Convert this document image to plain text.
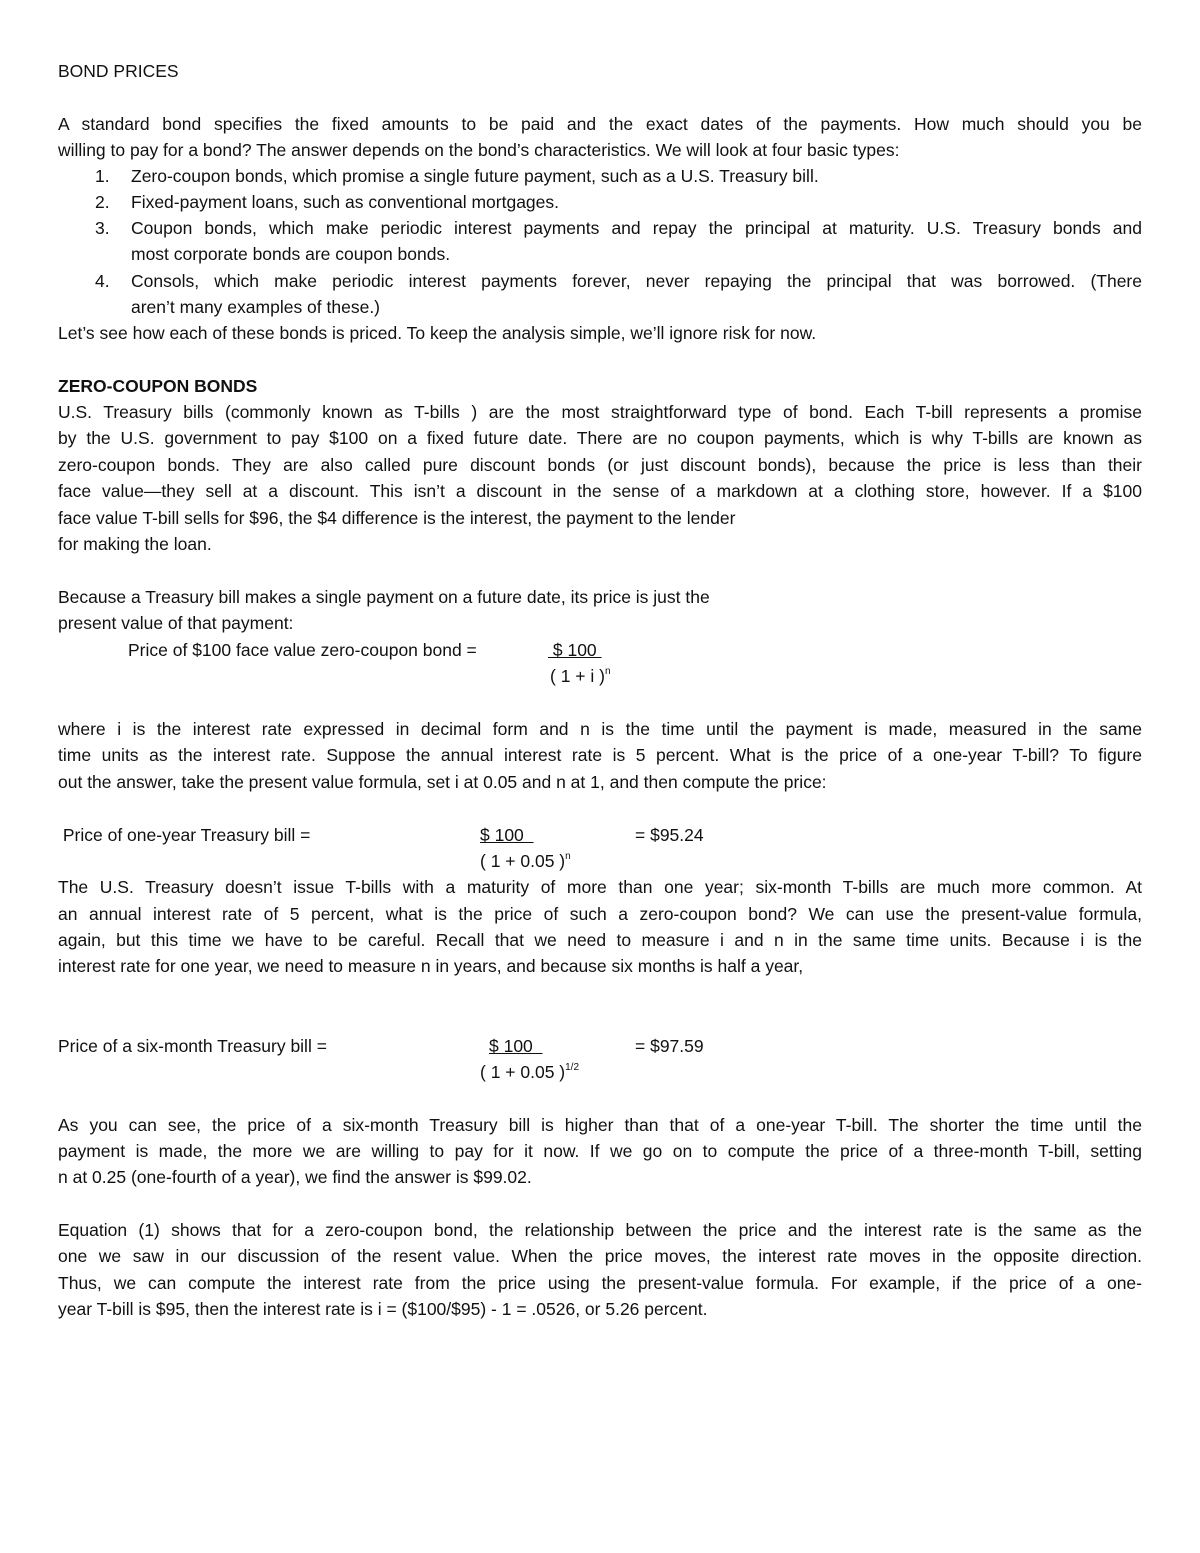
BOND PRICES
A standard bond specifies the fixed amounts to be paid and the exact dates of the payments. How much should you be
willing to pay for a bond? The answer depends on the bond’s characteristics. We will look at four basic types:
1. Zero-coupon bonds, which promise a single future payment, such as a U.S. Treasury bill.
2. Fixed-payment loans, such as conventional mortgages.
3. Coupon bonds, which make periodic interest payments and repay the principal at maturity. U.S. Treasury bonds and
most corporate bonds are coupon bonds.
4. Consols, which make periodic interest payments forever, never repaying the principal that was borrowed. (There
aren’t many examples of these.)
Let’s see how each of these bonds is priced. To keep the analysis simple, we’ll ignore risk for now.
ZERO-COUPON BONDS
U.S. Treasury bills (commonly known as T-bills ) are the most straightforward type of bond. Each T-bill represents a promise
by the U.S. government to pay $100 on a fixed future date. There are no coupon payments, which is why T-bills are known as
zero-coupon bonds. They are also called pure discount bonds (or just discount bonds), because the price is less than their
face value—they sell at a discount. This isn’t a discount in the sense of a markdown at a clothing store, however. If a $100
face value T-bill sells for $96, the $4 difference is the interest, the payment to the lender
for making the loan.
Because a Treasury bill makes a single payment on a future date, its price is just the
present value of that payment:
Price of $100 face value zero-coupon bond =	$ 100
( 1 + i )$^n$
where i is the interest rate expressed in decimal form and n is the time until the payment is made, measured in the same
time units as the interest rate. Suppose the annual interest rate is 5 percent. What is the price of a one-year T-bill? To figure
out the answer, take the present value formula, set i at 0.05 and n at 1, and then compute the price:
Price of one-year Treasury bill =	$ 100	= $95.24
( 1 + 0.05 )$^n$
The U.S. Treasury doesn’t issue T-bills with a maturity of more than one year; six-month T-bills are much more common. At
an annual interest rate of 5 percent, what is the price of such a zero-coupon bond? We can use the present-value formula,
again, but this time we have to be careful. Recall that we need to measure i and n in the same time units. Because i is the
interest rate for one year, we need to measure n in years, and because six months is half a year,
Price of a six-month Treasury bill =	$ 100	= $97.59
( 1 + 0.05 )$^{1/2}$
As you can see, the price of a six-month Treasury bill is higher than that of a one-year T-bill. The shorter the time until the
payment is made, the more we are willing to pay for it now. If we go on to compute the price of a three-month T-bill, setting
n at 0.25 (one-fourth of a year), we find the answer is $99.02.
Equation (1) shows that for a zero-coupon bond, the relationship between the price and the interest rate is the same as the
one we saw in our discussion of the resent value. When the price moves, the interest rate moves in the opposite direction.
Thus, we can compute the interest rate from the price using the present-value formula. For example, if the price of a one-
year T-bill is $95, then the interest rate is i = ($100/$95) - 1 = .0526, or 5.26 percent.
